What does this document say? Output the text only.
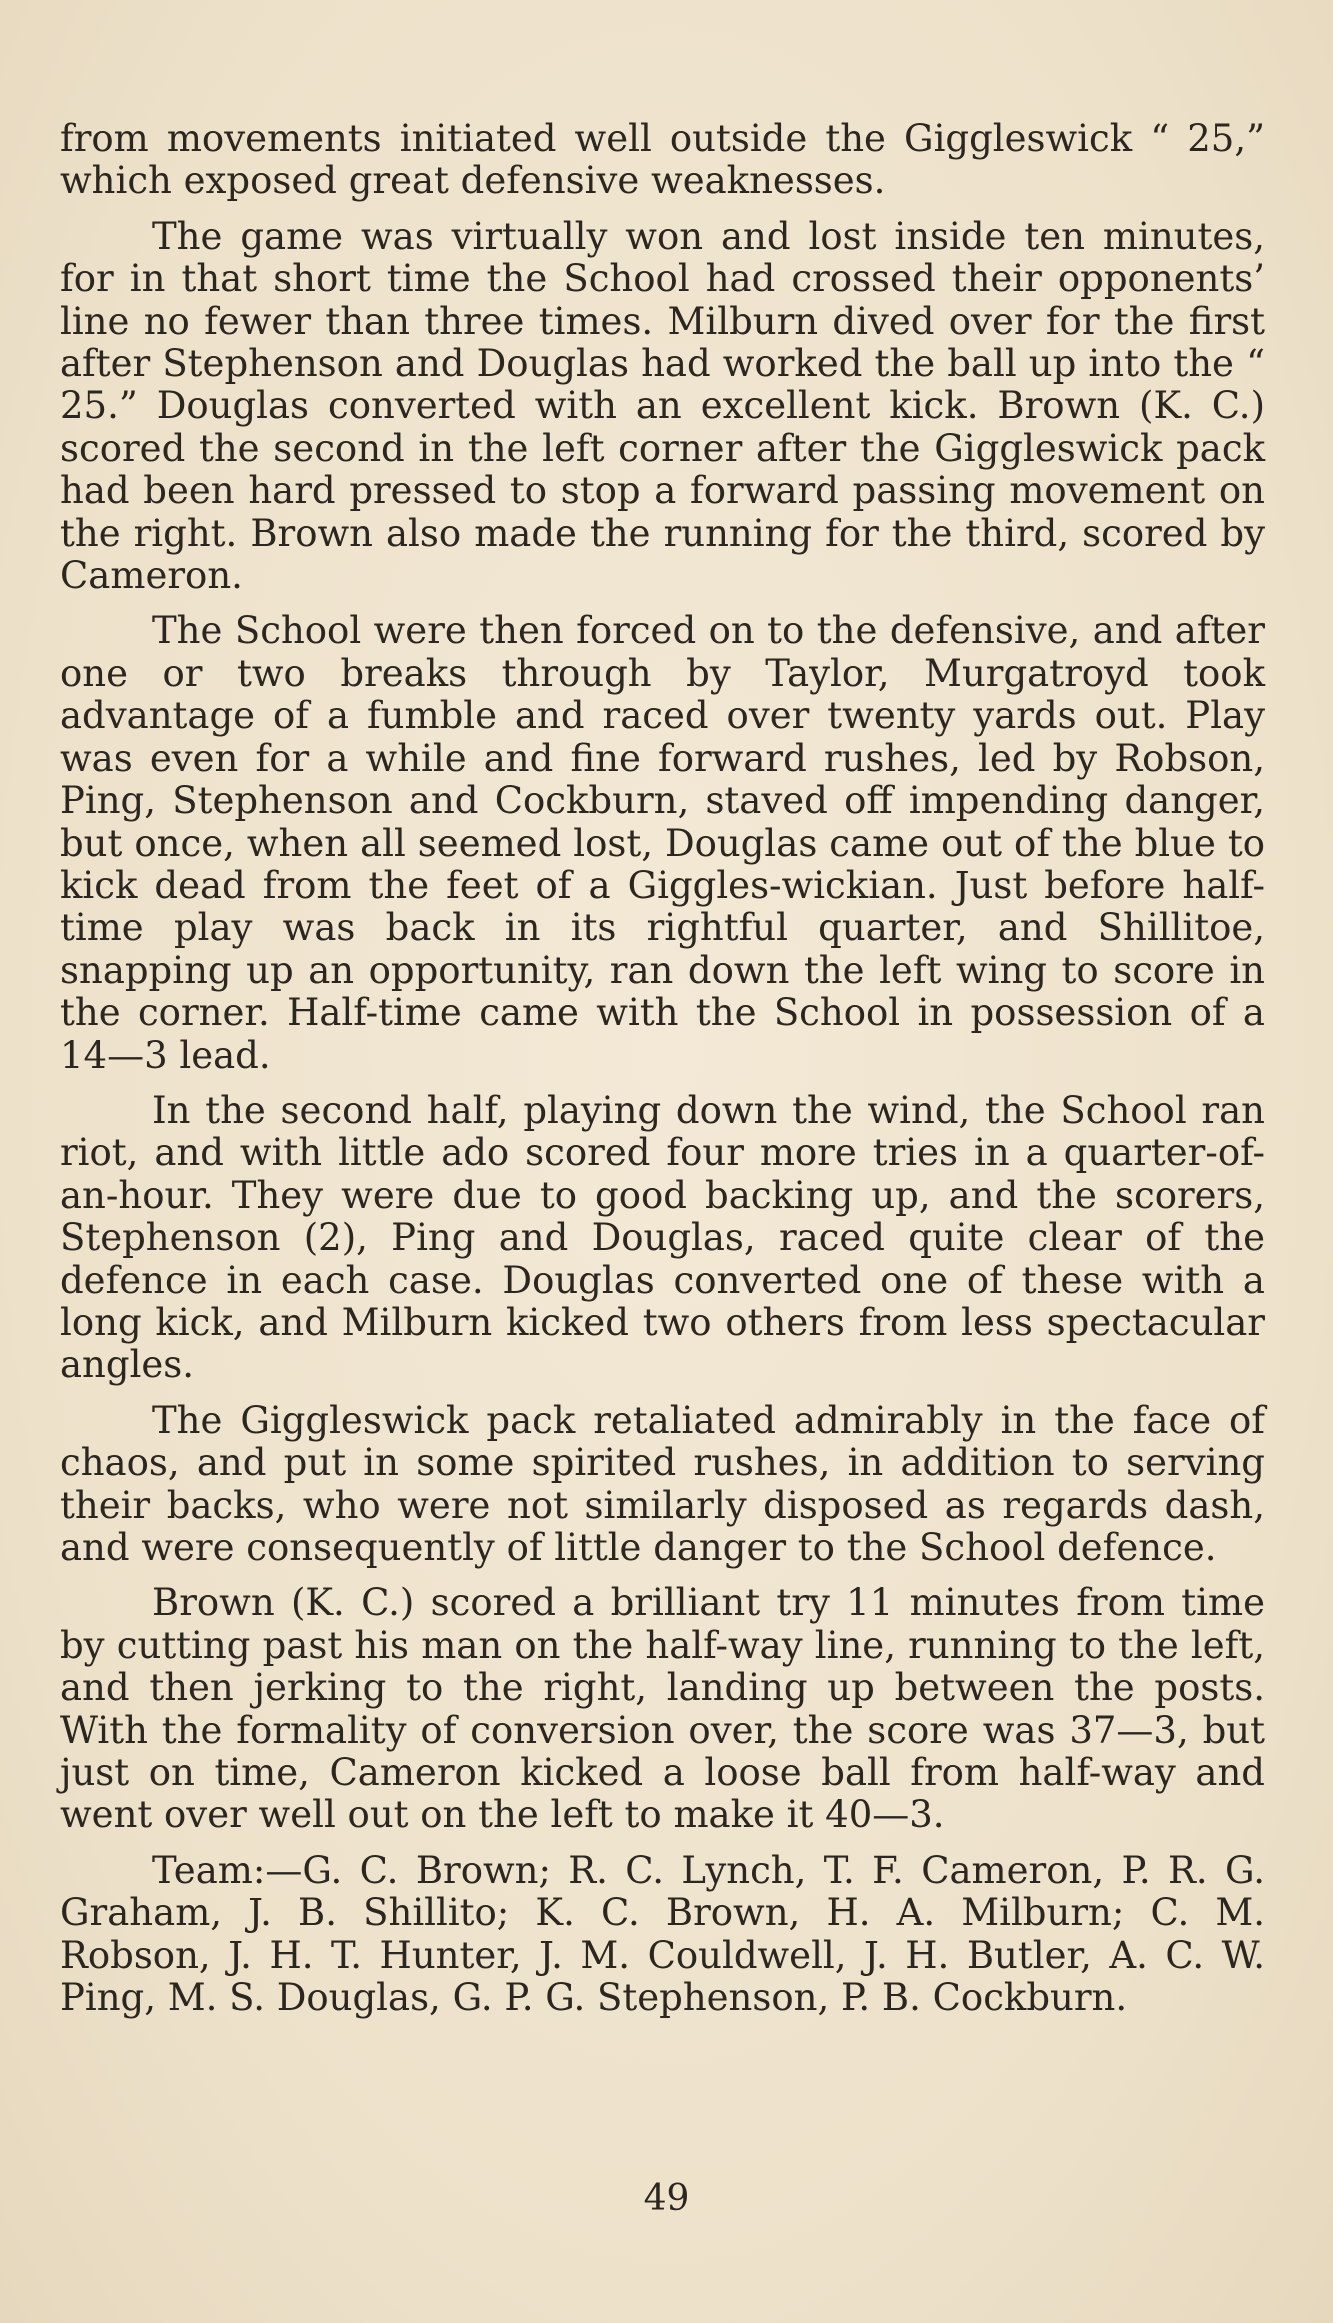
from movements initiated well outside the Giggleswick “ 25,” which exposed great defensive weaknesses.

The game was virtually won and lost inside ten minutes, for in that short time the School had crossed their opponents’ line no fewer than three times. Milburn dived over for the first after Stephenson and Douglas had worked the ball up into the “ 25.” Douglas converted with an excellent kick. Brown (K. C.) scored the second in the left corner after the Giggleswick pack had been hard pressed to stop a forward passing movement on the right. Brown also made the running for the third, scored by Cameron.

The School were then forced on to the defensive, and after one or two breaks through by Taylor, Murgatroyd took advantage of a fumble and raced over twenty yards out. Play was even for a while and fine forward rushes, led by Robson, Ping, Stephenson and Cockburn, staved off impending danger, but once, when all seemed lost, Douglas came out of the blue to kick dead from the feet of a Giggles-wickian. Just before half-time play was back in its rightful quarter, and Shillitoe, snapping up an opportunity, ran down the left wing to score in the corner. Half-time came with the School in possession of a 14—3 lead.

In the second half, playing down the wind, the School ran riot, and with little ado scored four more tries in a quarter-of-an-hour. They were due to good backing up, and the scorers, Stephenson (2), Ping and Douglas, raced quite clear of the defence in each case. Douglas converted one of these with a long kick, and Milburn kicked two others from less spectacular angles.

The Giggleswick pack retaliated admirably in the face of chaos, and put in some spirited rushes, in addition to serving their backs, who were not similarly disposed as regards dash, and were consequently of little danger to the School defence.

Brown (K. C.) scored a brilliant try 11 minutes from time by cutting past his man on the half-way line, running to the left, and then jerking to the right, landing up between the posts. With the formality of conversion over, the score was 37—3, but just on time, Cameron kicked a loose ball from half-way and went over well out on the left to make it 40—3.

Team:—G. C. Brown; R. C. Lynch, T. F. Cameron, P. R. G. Graham, J. B. Shillito; K. C. Brown, H. A. Milburn; C. M. Robson, J. H. T. Hunter, J. M. Couldwell, J. H. Butler, A. C. W. Ping, M. S. Douglas, G. P. G. Stephenson, P. B. Cockburn.

49
